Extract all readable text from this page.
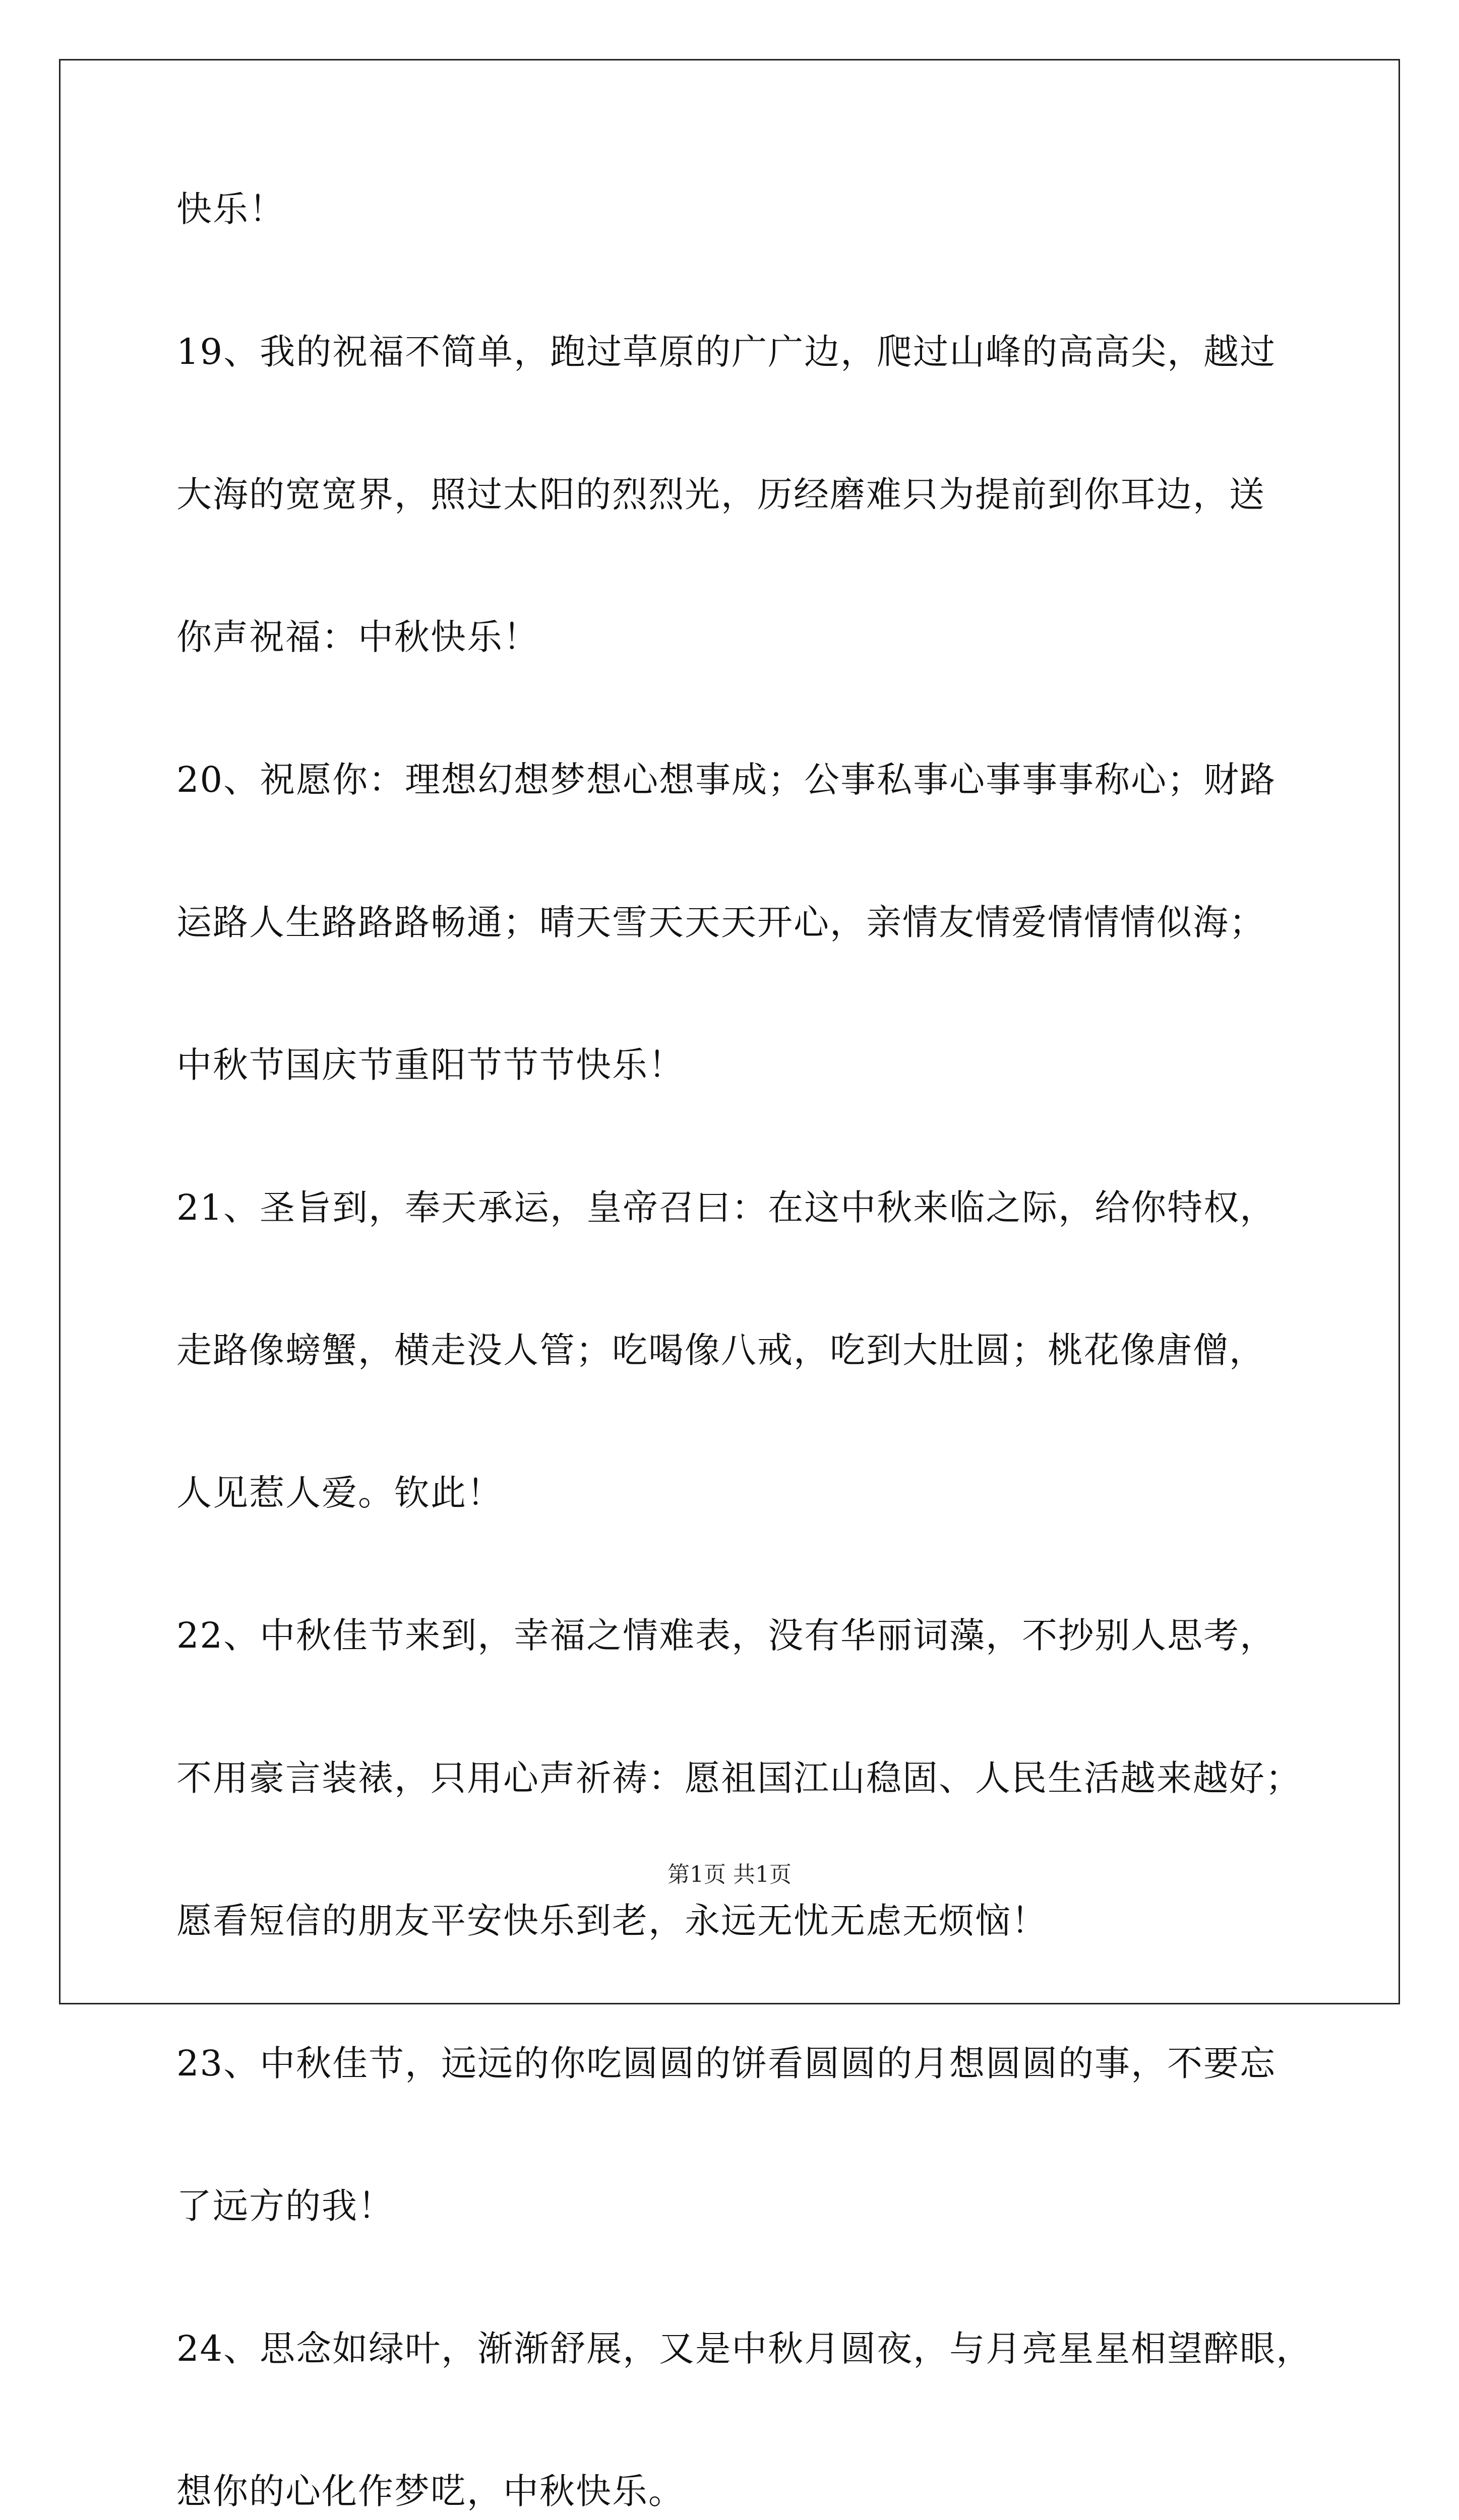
快乐！
19、我的祝福不简单，跑过草原的广广边，爬过山峰的高高尖，越过
大海的宽宽界，照过太阳的烈烈光，历经磨难只为提前到你耳边，送
你声祝福：中秋快乐！
20、祝愿你：理想幻想梦想心想事成；公事私事心事事事称心；财路
运路人生路路路畅通；晴天雪天天天开心，亲情友情爱情情情似海；
中秋节国庆节重阳节节节快乐！
21、圣旨到，奉天承运，皇帝召曰：在这中秋来临之际，给你特权，
走路像螃蟹，横走没人管；吃喝像八戒，吃到大肚圆；桃花像唐僧，
人见惹人爱。钦此！
22、中秋佳节来到，幸福之情难表，没有华丽词藻，不抄别人思考，
不用豪言装裱，只用心声祈祷：愿祖国江山稳固、人民生活越来越好；
愿看短信的朋友平安快乐到老，永远无忧无虑无烦恼！
23、中秋佳节，远远的你吃圆圆的饼看圆圆的月想圆圆的事，不要忘
了远方的我！
24、思念如绿叶，渐渐舒展，又是中秋月圆夜，与月亮星星相望醉眼，
想你的心化作梦呓，中秋快乐。
第1页 共1页
